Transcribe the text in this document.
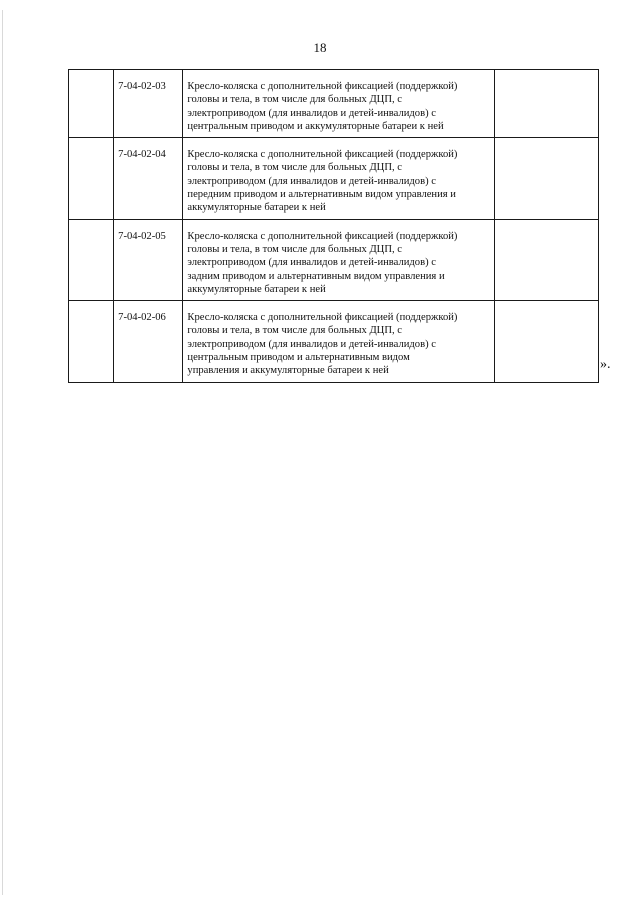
18
	7-04-02-03	Кресло-коляска с дополнительной фиксацией (поддержкой)
головы и тела, в том числе для больных ДЦП, с
электроприводом (для инвалидов и детей-инвалидов) с
центральным приводом и аккумуляторные батареи к ней	

	7-04-02-04	Кресло-коляска с дополнительной фиксацией (поддержкой)
головы и тела, в том числе для больных ДЦП, с
электроприводом (для инвалидов и детей-инвалидов) с
передним приводом и альтернативным видом управления и
аккумуляторные батареи к ней	

	7-04-02-05	Кресло-коляска с дополнительной фиксацией (поддержкой)
головы и тела, в том числе для больных ДЦП, с
электроприводом (для инвалидов и детей-инвалидов) с
задним приводом и альтернативным видом управления и
аккумуляторные батареи к ней	

	7-04-02-06	Кресло-коляска с дополнительной фиксацией (поддержкой)
головы и тела, в том числе для больных ДЦП, с
электроприводом (для инвалидов и детей-инвалидов) с
центральным приводом и альтернативным видом
управления и аккумуляторные батареи к ней	
		».
